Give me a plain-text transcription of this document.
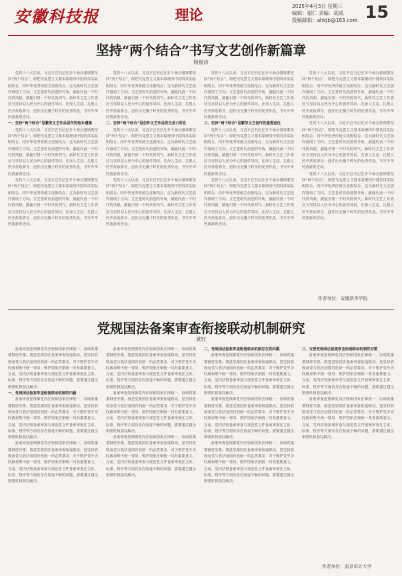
安徽科技报	理论
2025年4月3日 星期三
编辑：谢仁 美编：胡成
投稿邮箱：ahkjb@163.com 15
坚持“两个结合”书写文艺创作新篇章
杨俊涛

党的十八大以来，习近平总书记在多个场合强调要坚持“两个结合”，即把马克思主义基本原理同中国具体实际相结合、同中华优秀传统文化相结合，这为新时代文艺创作指明了方向。文艺是时代前进的号角，最能代表一个时代的风貌，最能引领一个时代的风气。新时代文艺工作者应当坚持以人民为中心的创作导向，在深入生活、扎根人民中汲取养分，创作出无愧于时代的优秀作品，书写中华民族新的史诗。

一、坚持“两个结合”是繁荣文艺作品创作的根本遵循

党的十八大以来，习近平总书记在多个场合强调要坚持“两个结合”，即把马克思主义基本原理同中国具体实际相结合、同中华优秀传统文化相结合，这为新时代文艺创作指明了方向。文艺是时代前进的号角，最能代表一个时代的风貌，最能引领一个时代的风气。新时代文艺工作者应当坚持以人民为中心的创作导向，在深入生活、扎根人民中汲取养分，创作出无愧于时代的优秀作品，书写中华民族新的史诗。

党的十八大以来，习近平总书记在多个场合强调要坚持“两个结合”，即把马克思主义基本原理同中国具体实际相结合、同中华优秀传统文化相结合，这为新时代文艺创作指明了方向。文艺是时代前进的号角，最能代表一个时代的风貌，最能引领一个时代的风气。新时代文艺工作者应当坚持以人民为中心的创作导向，在深入生活、扎根人民中汲取养分，创作出无愧于时代的优秀作品，书写中华民族新的史诗。

党的十八大以来，习近平总书记在多个场合强调要坚持“两个结合”，即把马克思主义基本原理同中国具体实际相结合、同中华优秀传统文化相结合，这为新时代文艺创作指明了方向。文艺是时代前进的号角，最能代表一个时代的风貌，最能引领一个时代的风气。新时代文艺工作者应当坚持以人民为中心的创作导向，在深入生活、扎根人民中汲取养分，创作出无愧于时代的优秀作品，书写中华民族新的史诗。

二、坚持“两个结合”是创作文艺作品的生命力所在

党的十八大以来，习近平总书记在多个场合强调要坚持“两个结合”，即把马克思主义基本原理同中国具体实际相结合、同中华优秀传统文化相结合，这为新时代文艺创作指明了方向。文艺是时代前进的号角，最能代表一个时代的风貌，最能引领一个时代的风气。新时代文艺工作者应当坚持以人民为中心的创作导向，在深入生活、扎根人民中汲取养分，创作出无愧于时代的优秀作品，书写中华民族新的史诗。

党的十八大以来，习近平总书记在多个场合强调要坚持“两个结合”，即把马克思主义基本原理同中国具体实际相结合、同中华优秀传统文化相结合，这为新时代文艺创作指明了方向。文艺是时代前进的号角，最能代表一个时代的风貌，最能引领一个时代的风气。新时代文艺工作者应当坚持以人民为中心的创作导向，在深入生活、扎根人民中汲取养分，创作出无愧于时代的优秀作品，书写中华民族新的史诗。

党的十八大以来，习近平总书记在多个场合强调要坚持“两个结合”，即把马克思主义基本原理同中国具体实际相结合、同中华优秀传统文化相结合，这为新时代文艺创作指明了方向。文艺是时代前进的号角，最能代表一个时代的风貌，最能引领一个时代的风气。新时代文艺工作者应当坚持以人民为中心的创作导向，在深入生活、扎根人民中汲取养分，创作出无愧于时代的优秀作品，书写中华民族新的史诗。

三、坚持“两个结合”是繁荣文艺创作的重要途径

党的十八大以来，习近平总书记在多个场合强调要坚持“两个结合”，即把马克思主义基本原理同中国具体实际相结合、同中华优秀传统文化相结合，这为新时代文艺创作指明了方向。文艺是时代前进的号角，最能代表一个时代的风貌，最能引领一个时代的风气。新时代文艺工作者应当坚持以人民为中心的创作导向，在深入生活、扎根人民中汲取养分，创作出无愧于时代的优秀作品，书写中华民族新的史诗。

党的十八大以来，习近平总书记在多个场合强调要坚持“两个结合”，即把马克思主义基本原理同中国具体实际相结合、同中华优秀传统文化相结合，这为新时代文艺创作指明了方向。文艺是时代前进的号角，最能代表一个时代的风貌，最能引领一个时代的风气。新时代文艺工作者应当坚持以人民为中心的创作导向，在深入生活、扎根人民中汲取养分，创作出无愧于时代的优秀作品，书写中华民族新的史诗。

党的十八大以来，习近平总书记在多个场合强调要坚持“两个结合”，即把马克思主义基本原理同中国具体实际相结合、同中华优秀传统文化相结合，这为新时代文艺创作指明了方向。文艺是时代前进的号角，最能代表一个时代的风貌，最能引领一个时代的风气。新时代文艺工作者应当坚持以人民为中心的创作导向，在深入生活、扎根人民中汲取养分，创作出无愧于时代的优秀作品，书写中华民族新的史诗。

党的十八大以来，习近平总书记在多个场合强调要坚持“两个结合”，即把马克思主义基本原理同中国具体实际相结合、同中华优秀传统文化相结合，这为新时代文艺创作指明了方向。文艺是时代前进的号角，最能代表一个时代的风貌，最能引领一个时代的风气。新时代文艺工作者应当坚持以人民为中心的创作导向，在深入生活、扎根人民中汲取养分，创作出无愧于时代的优秀作品，书写中华民族新的史诗。

党的十八大以来，习近平总书记在多个场合强调要坚持“两个结合”，即把马克思主义基本原理同中国具体实际相结合、同中华优秀传统文化相结合，这为新时代文艺创作指明了方向。文艺是时代前进的号角，最能代表一个时代的风貌，最能引领一个时代的风气。新时代文艺工作者应当坚持以人民为中心的创作导向，在深入生活、扎根人民中汲取养分，创作出无愧于时代的优秀作品，书写中华民族新的史诗。

作者单位：安徽新华学院
党规国法备案审查衔接联动机制研究
黄旺

备案审查是保障党内法规和国家法律统一、协调的重要制度安排。推进党规国法备案审查衔接联动，是坚持依规治党与依法治国有机统一的必然要求，对于维护党中央权威和集中统一领导、维护国家法制统一具有重要意义。当前，党内法规备案审查与规范性文件备案审查在主体、标准、程序等方面仍存在衔接不畅的问题，需要通过健全制度机制加以解决。

一、党规国法备案审查衔接联动机制的内涵

备案审查是保障党内法规和国家法律统一、协调的重要制度安排。推进党规国法备案审查衔接联动，是坚持依规治党与依法治国有机统一的必然要求，对于维护党中央权威和集中统一领导、维护国家法制统一具有重要意义。当前，党内法规备案审查与规范性文件备案审查在主体、标准、程序等方面仍存在衔接不畅的问题，需要通过健全制度机制加以解决。

备案审查是保障党内法规和国家法律统一、协调的重要制度安排。推进党规国法备案审查衔接联动，是坚持依规治党与依法治国有机统一的必然要求，对于维护党中央权威和集中统一领导、维护国家法制统一具有重要意义。当前，党内法规备案审查与规范性文件备案审查在主体、标准、程序等方面仍存在衔接不畅的问题，需要通过健全制度机制加以解决。

备案审查是保障党内法规和国家法律统一、协调的重要制度安排。推进党规国法备案审查衔接联动，是坚持依规治党与依法治国有机统一的必然要求，对于维护党中央权威和集中统一领导、维护国家法制统一具有重要意义。当前，党内法规备案审查与规范性文件备案审查在主体、标准、程序等方面仍存在衔接不畅的问题，需要通过健全制度机制加以解决。

备案审查是保障党内法规和国家法律统一、协调的重要制度安排。推进党规国法备案审查衔接联动，是坚持依规治党与依法治国有机统一的必然要求，对于维护党中央权威和集中统一领导、维护国家法制统一具有重要意义。当前，党内法规备案审查与规范性文件备案审查在主体、标准、程序等方面仍存在衔接不畅的问题，需要通过健全制度机制加以解决。

备案审查是保障党内法规和国家法律统一、协调的重要制度安排。推进党规国法备案审查衔接联动，是坚持依规治党与依法治国有机统一的必然要求，对于维护党中央权威和集中统一领导、维护国家法制统一具有重要意义。当前，党内法规备案审查与规范性文件备案审查在主体、标准、程序等方面仍存在衔接不畅的问题，需要通过健全制度机制加以解决。

二、党规国法备案审查衔接联动机制存在的问题

备案审查是保障党内法规和国家法律统一、协调的重要制度安排。推进党规国法备案审查衔接联动，是坚持依规治党与依法治国有机统一的必然要求，对于维护党中央权威和集中统一领导、维护国家法制统一具有重要意义。当前，党内法规备案审查与规范性文件备案审查在主体、标准、程序等方面仍存在衔接不畅的问题，需要通过健全制度机制加以解决。

备案审查是保障党内法规和国家法律统一、协调的重要制度安排。推进党规国法备案审查衔接联动，是坚持依规治党与依法治国有机统一的必然要求，对于维护党中央权威和集中统一领导、维护国家法制统一具有重要意义。当前，党内法规备案审查与规范性文件备案审查在主体、标准、程序等方面仍存在衔接不畅的问题，需要通过健全制度机制加以解决。

备案审查是保障党内法规和国家法律统一、协调的重要制度安排。推进党规国法备案审查衔接联动，是坚持依规治党与依法治国有机统一的必然要求，对于维护党中央权威和集中统一领导、维护国家法制统一具有重要意义。当前，党内法规备案审查与规范性文件备案审查在主体、标准、程序等方面仍存在衔接不畅的问题，需要通过健全制度机制加以解决。

三、完善党规国法备案审查衔接联动机制的对策

备案审查是保障党内法规和国家法律统一、协调的重要制度安排。推进党规国法备案审查衔接联动，是坚持依规治党与依法治国有机统一的必然要求，对于维护党中央权威和集中统一领导、维护国家法制统一具有重要意义。当前，党内法规备案审查与规范性文件备案审查在主体、标准、程序等方面仍存在衔接不畅的问题，需要通过健全制度机制加以解决。

备案审查是保障党内法规和国家法律统一、协调的重要制度安排。推进党规国法备案审查衔接联动，是坚持依规治党与依法治国有机统一的必然要求，对于维护党中央权威和集中统一领导、维护国家法制统一具有重要意义。当前，党内法规备案审查与规范性文件备案审查在主体、标准、程序等方面仍存在衔接不畅的问题，需要通过健全制度机制加以解决。

作者单位：南京审计大学
